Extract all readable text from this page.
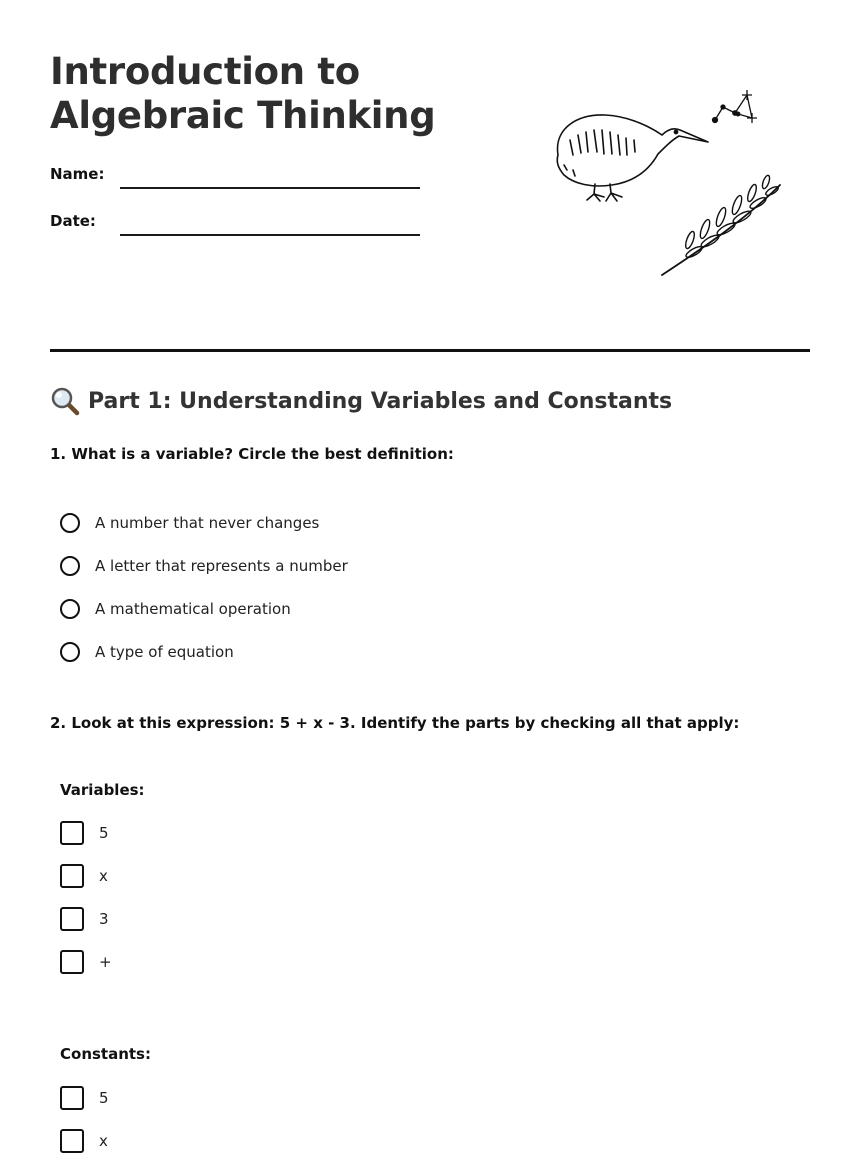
Introduction to
Algebraic Thinking
Name:
Date:
Part 1: Understanding Variables and Constants
1. What is a variable? Circle the best definition:
A number that never changes
A letter that represents a number
A mathematical operation
A type of equation
2. Look at this expression: 5 + x - 3. Identify the parts by checking all that apply:
Variables:
5
x
3
+
Constants:
5
x
